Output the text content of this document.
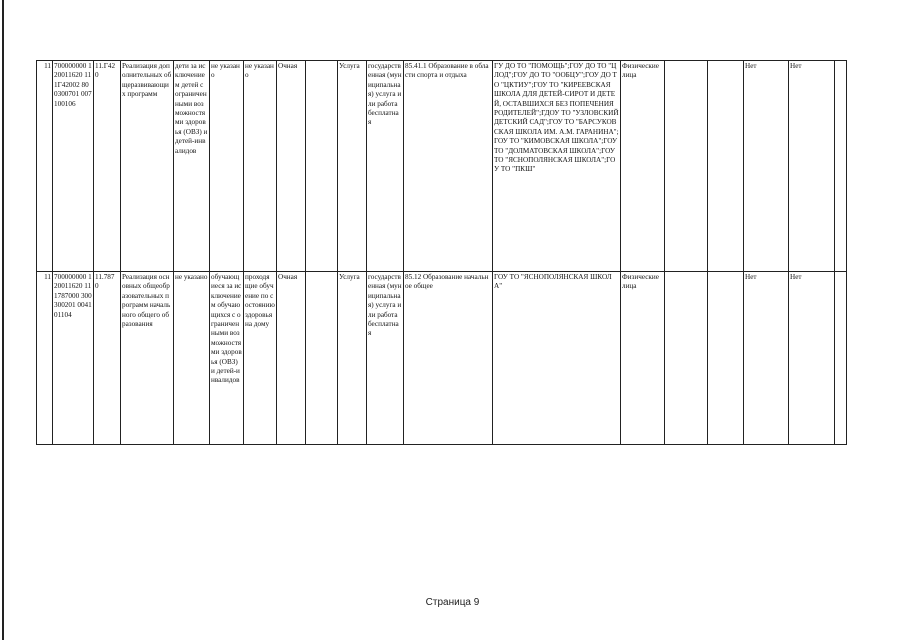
11	700000000 120011620 111Г42002 800300701 007100106	11.Г42 0	Реализация дополнительных общеразвивающих программ	дети за исключением детей с ограниченными возможностями здоровья (ОВЗ) и детей-инвалидов	не указано	не указано	Очная		Услуга	государственная (муниципальная) услуга или работа бесплатная	85.41.1 Образование в области спорта и отдыха	ГУ ДО ТО "ПОМОЩЬ";ГОУ ДО ТО "ЦЛОД";ГОУ ДО ТО "ООБЦУ";ГОУ ДО ТО "ЦКТИУ";ГОУ ТО "КИРЕЕВСКАЯ ШКОЛА ДЛЯ ДЕТЕЙ-СИРОТ И ДЕТЕЙ, ОСТАВШИХСЯ БЕЗ ПОПЕЧЕНИЯ РОДИТЕЛЕЙ";ГДОУ ТО "УЗЛОВСКИЙ ДЕТСКИЙ САД";ГОУ ТО "БАРСУКОВСКАЯ ШКОЛА ИМ. А.М. ГАРАНИНА";ГОУ ТО "КИМОВСКАЯ ШКОЛА";ГОУ ТО "ДОЛМАТОВСКАЯ ШКОЛА";ГОУ ТО "ЯСНОПОЛЯНСКАЯ ШКОЛА";ГОУ ТО "ПКШ"	Физические лица			Нет	Нет	
11	700000000 120011620 111787000 300300201 004101104	11.787 0	Реализация основных общеобразовательных программ начального общего образования	не указано	обучающиеся за исключением обучающихся с ограниченными возможностями здоровья (ОВЗ) и детей-инвалидов	проходящие обучение по состоянию здоровья на дому	Очная		Услуга	государственная (муниципальная) услуга или работа бесплатная	85.12 Образование начальное общее	ГОУ ТО "ЯСНОПОЛЯНСКАЯ ШКОЛА"	Физические лица			Нет	Нет	
Страница 9
